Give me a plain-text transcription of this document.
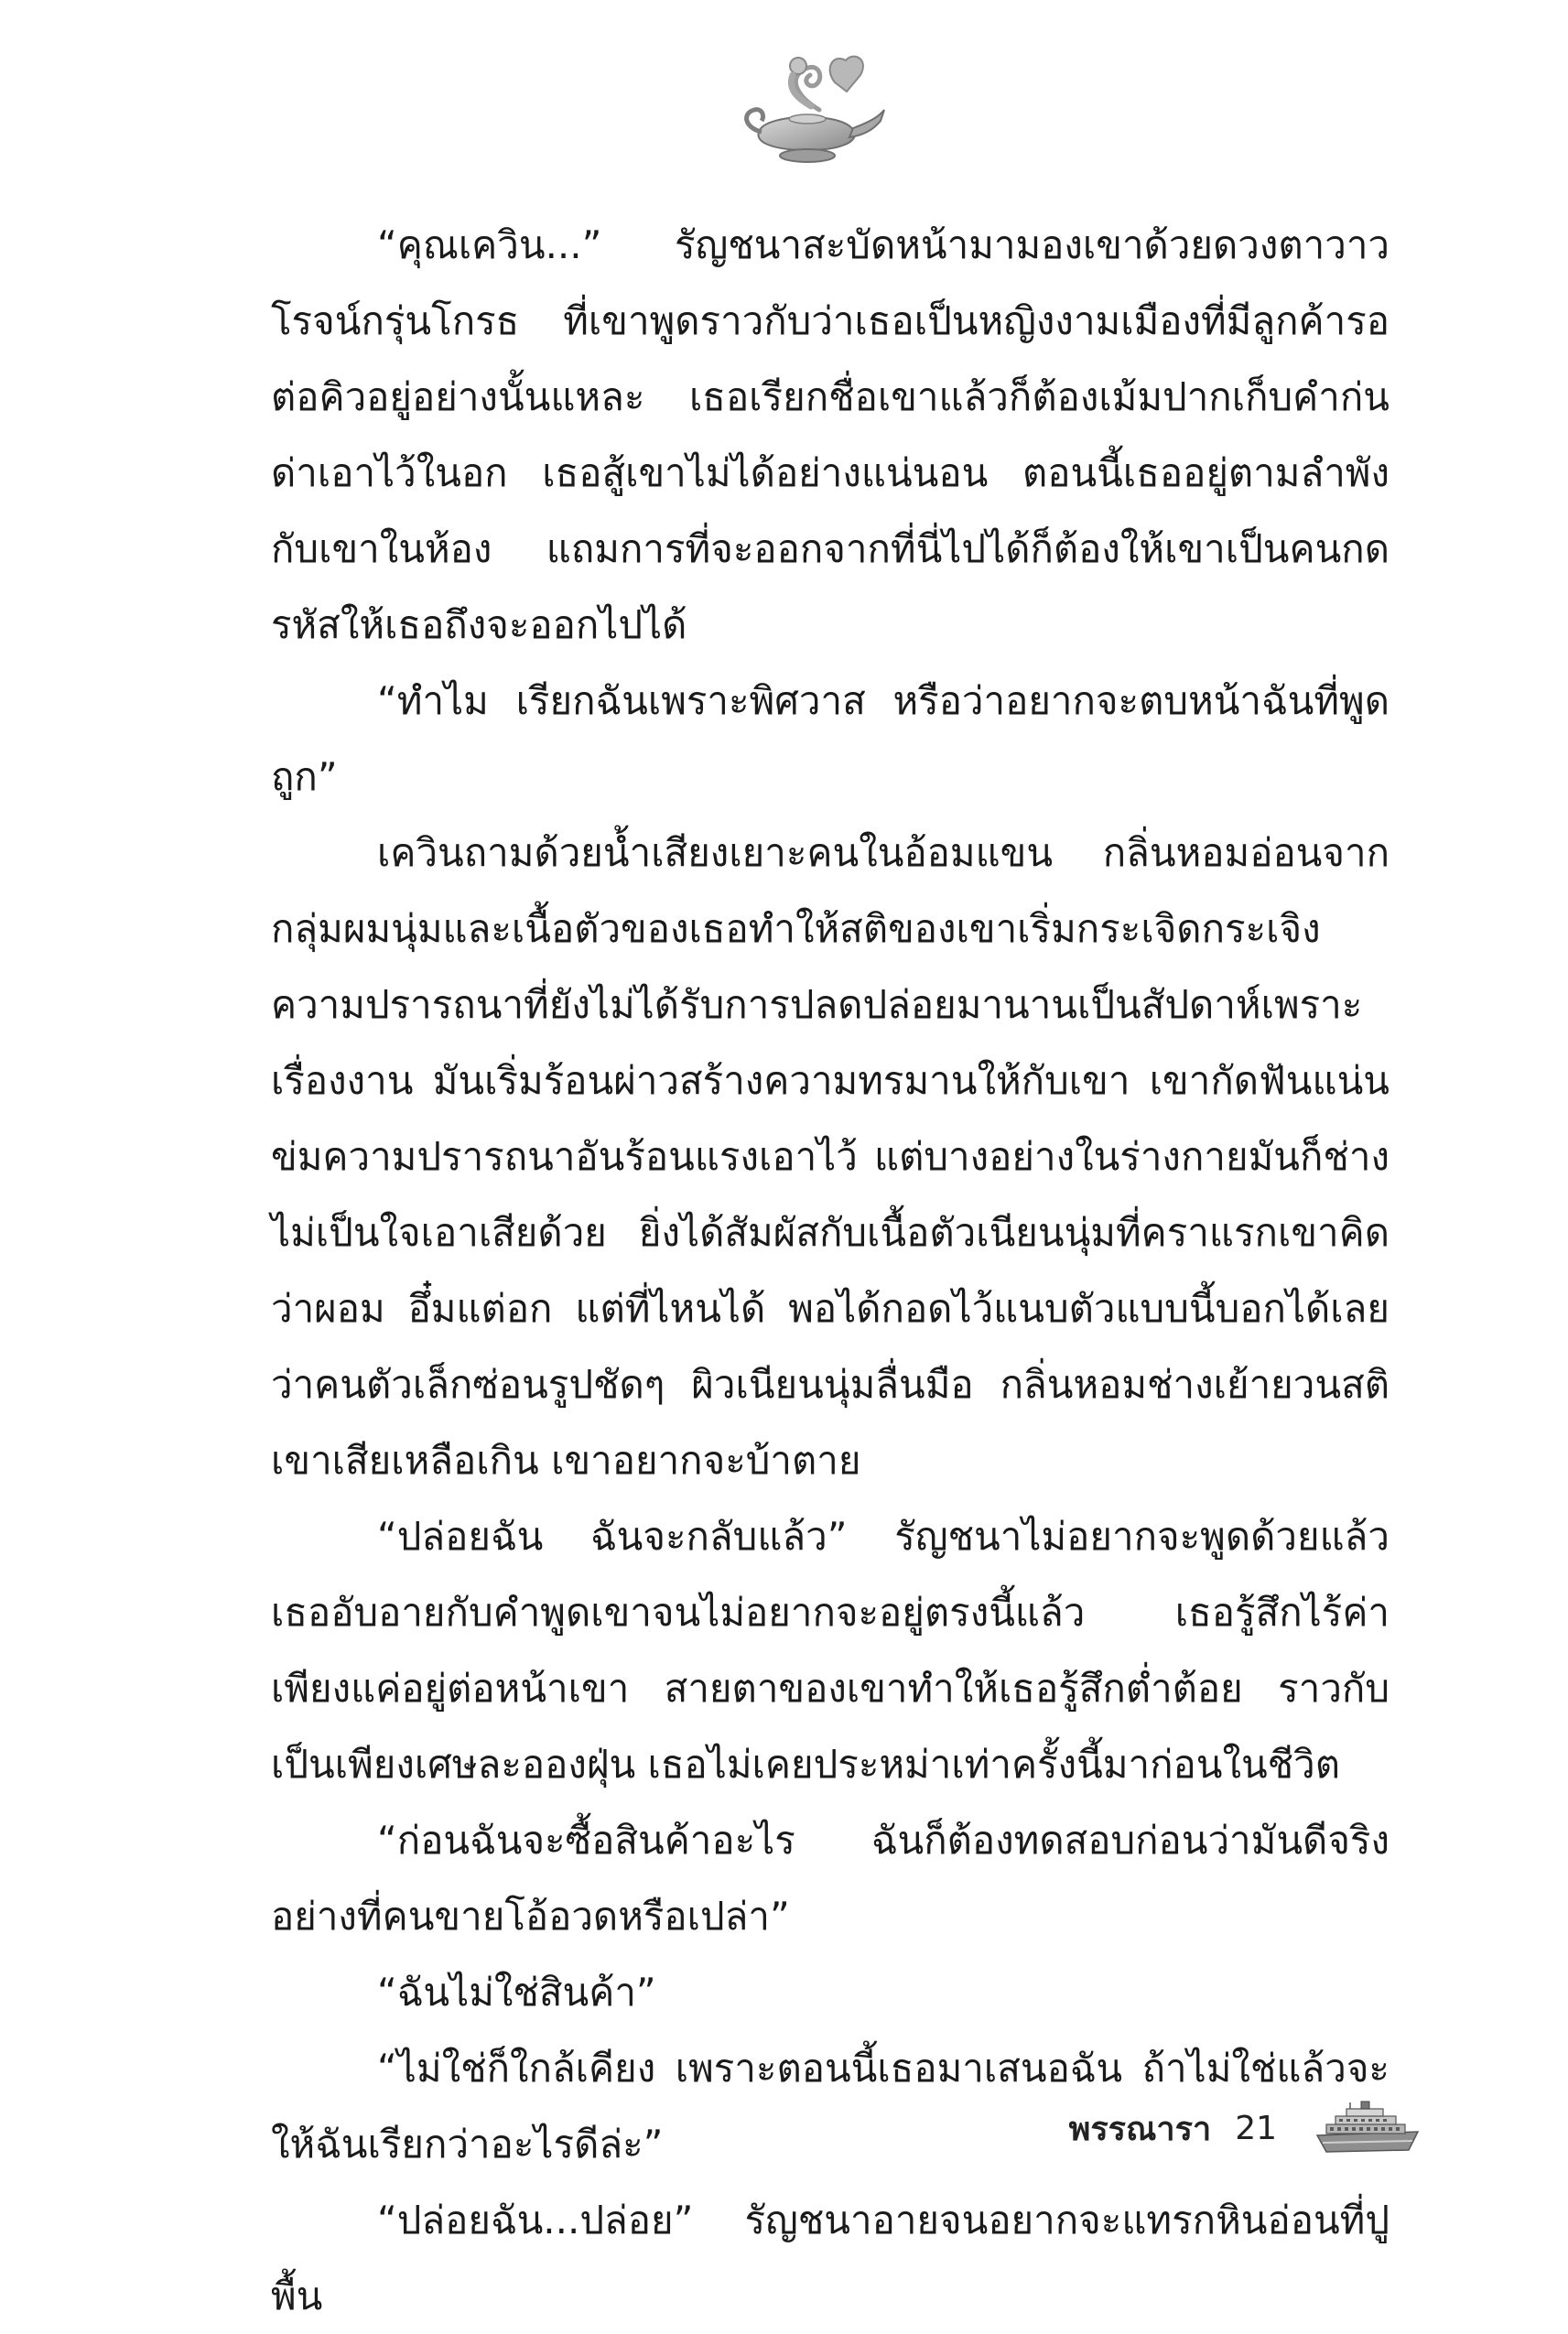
“คุณเควิน...” รัญชนาสะบัดหน้ามามองเขาด้วยดวงตาวาวโรจน์กรุ่นโกรธ ที่เขาพูดราวกับว่าเธอเป็นหญิงงามเมืองที่มีลูกค้ารอต่อคิวอยู่อย่างนั้นแหละ เธอเรียกชื่อเขาแล้วก็ต้องเม้มปากเก็บคำก่นด่าเอาไว้ในอก เธอสู้เขาไม่ได้อย่างแน่นอน ตอนนี้เธออยู่ตามลำพังกับเขาในห้อง แถมการที่จะออกจากที่นี่ไปได้ก็ต้องให้เขาเป็นคนกดรหัสให้เธอถึงจะออกไปได้

“ทำไม เรียกฉันเพราะพิศวาส หรือว่าอยากจะตบหน้าฉันที่พูดถูก”

เควินถามด้วยน้ำเสียงเยาะคนในอ้อมแขน กลิ่นหอมอ่อนจากกลุ่มผมนุ่มและเนื้อตัวของเธอทำให้สติของเขาเริ่มกระเจิดกระเจิง ความปรารถนาที่ยังไม่ได้รับการปลดปล่อยมานานเป็นสัปดาห์เพราะเรื่องงาน มันเริ่มร้อนผ่าวสร้างความทรมานให้กับเขา เขากัดฟันแน่นข่มความปรารถนาอันร้อนแรงเอาไว้ แต่บางอย่างในร่างกายมันก็ช่างไม่เป็นใจเอาเสียด้วย ยิ่งได้สัมผัสกับเนื้อตัวเนียนนุ่มที่คราแรกเขาคิดว่าผอม อึ๋มแต่อก แต่ที่ไหนได้ พอได้กอดไว้แนบตัวแบบนี้บอกได้เลยว่าคนตัวเล็กซ่อนรูปชัดๆ ผิวเนียนนุ่มลื่นมือ กลิ่นหอมช่างเย้ายวนสติเขาเสียเหลือเกิน เขาอยากจะบ้าตาย

“ปล่อยฉัน ฉันจะกลับแล้ว” รัญชนาไม่อยากจะพูดด้วยแล้ว เธออับอายกับคำพูดเขาจนไม่อยากจะอยู่ตรงนี้แล้ว เธอรู้สึกไร้ค่าเพียงแค่อยู่ต่อหน้าเขา สายตาของเขาทำให้เธอรู้สึกต่ำต้อย ราวกับเป็นเพียงเศษละอองฝุ่น เธอไม่เคยประหม่าเท่าครั้งนี้มาก่อนในชีวิต

“ก่อนฉันจะซื้อสินค้าอะไร ฉันก็ต้องทดสอบก่อนว่ามันดีจริงอย่างที่คนขายโอ้อวดหรือเปล่า”

“ฉันไม่ใช่สินค้า”

“ไม่ใช่ก็ใกล้เคียง เพราะตอนนี้เธอมาเสนอฉัน ถ้าไม่ใช่แล้วจะให้ฉันเรียกว่าอะไรดีล่ะ”

“ปล่อยฉัน...ปล่อย” รัญชนาอายจนอยากจะแทรกหินอ่อนที่ปูพื้น

พรรณารา 21
